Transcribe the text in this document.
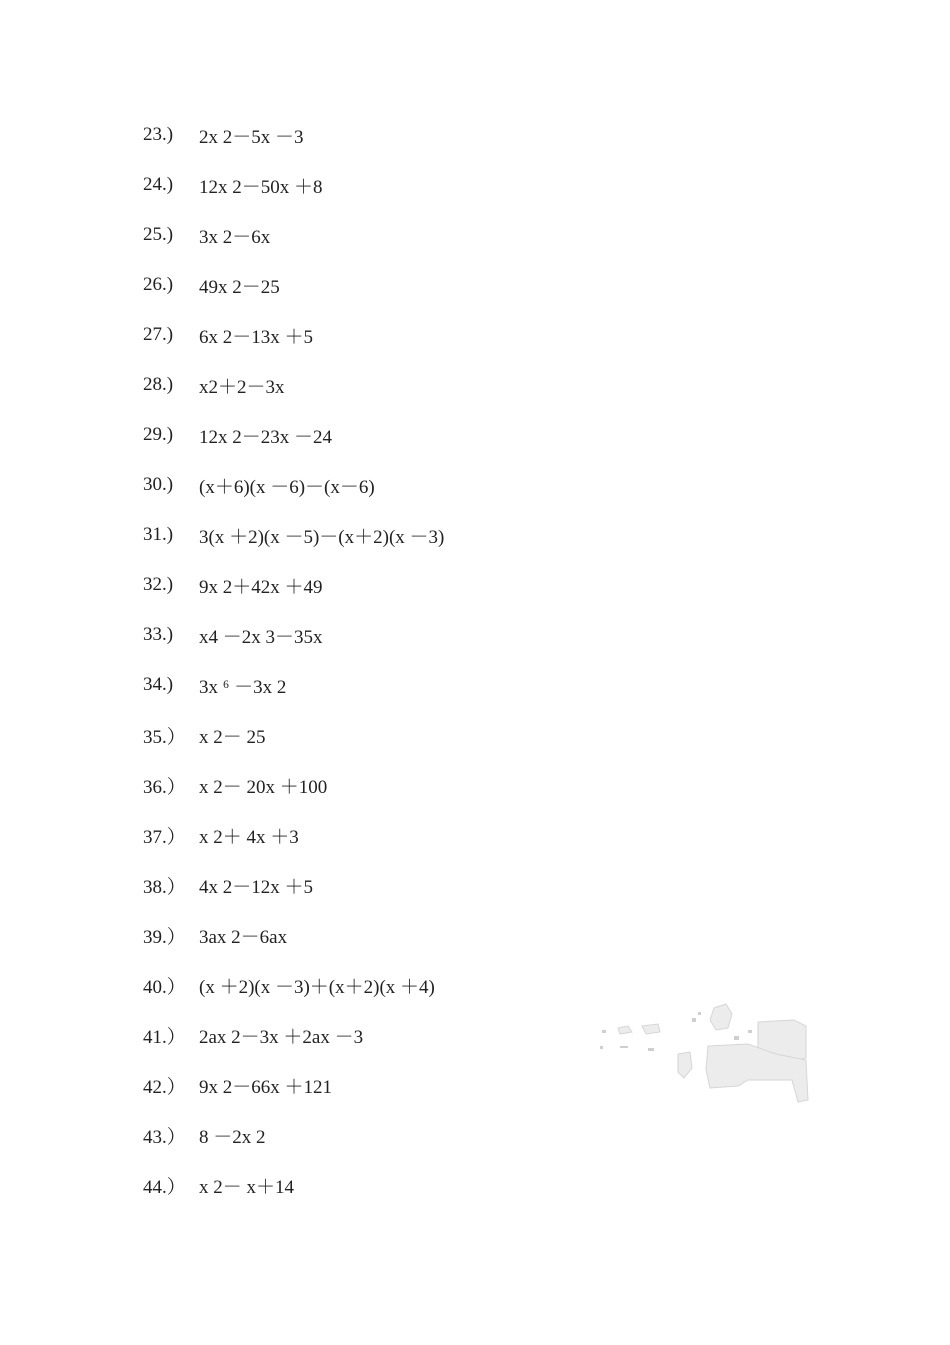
23.)	2x 2－5x －3
24.)	12x 2－50x ＋8
25.)	3x 2－6x
26.)	49x 2－25
27.)	6x 2－13x ＋5
28.)	x2＋2－3x
29.)	12x 2－23x －24
30.)	(x＋6)(x －6)－(x－6)
31.)	3(x ＋2)(x －5)－(x＋2)(x －3)
32.)	9x 2＋42x ＋49
33.)	x4 －2x 3－35x
34.)	3x ⁶ －3x 2
35.） x 2－ 25
36.） x 2－ 20x ＋100
37.） x 2＋ 4x ＋3
38.） 4x 2－12x ＋5
39.） 3ax 2－6ax
40.） (x ＋2)(x －3)＋(x＋2)(x ＋4)
41.） 2ax 2－3x ＋2ax －3
42.） 9x 2－66x ＋121
43.） 8 －2x 2
44.） x 2－ x＋14
